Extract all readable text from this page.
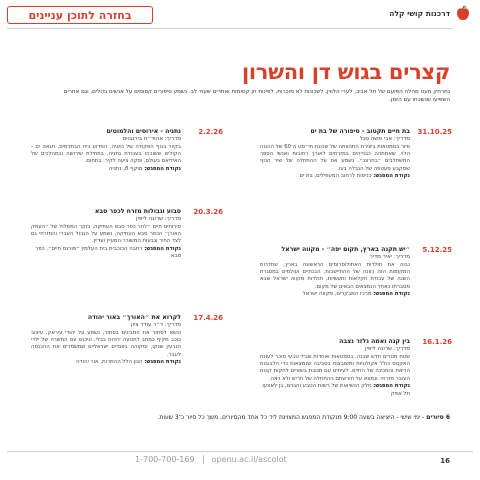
בחזרה לתוכן עניינים	דרכנות קושי קלה
קצרים בגוש דן והשרון

נתרחק מעט מהלה הפועם של תל אביב, לערי הלווין, לשכונות לא מוכרות, לפינות חן קסומות ואתרים שעוד לב. נשמע סיפורים קסומים על אנשים גדולים, וגם אחרים השפיעו שנשכחו עם הזמן.

31.10.25
בת חיים תקטוב - סיפורה של בת ים
מדריך: אבי משה סגל
סיור בסמטאות ביצירת התהוותה של שכונת תי״סט ה־60 של ההוגה הלוי, שאמתהה כבנייהים במזרחים לאורך רחובות ואנשי הספר המשתלבים ״בחרצנ״. נשמע את על ההתחלה של שיר הנוף שמקבע מעטפה של הגבלה בעו.
נקודת המפגש: כניסות לרחוב המעפילים, בת ים
5.12.25
״יש תקנה בארץ, תקום יפה״ - מקווה ישראל
מדריך: יאיר מדיר
נבוה את תולדות האתולוסרומים הראשונה בארץ, שחדרות המקומות הזה כוונה של ההתיישבות, הבנתיים ועולמים במסגרת השנה של עבודת חקלאות ותעשיות, תולדות מקווה ישראל שבא מסברתו כאחד הנמצאים הבאים של מקום.
נקודת המפגש: מרכז המבקרים, מקווה ישראל
16.1.26
בין קנה ואמה גלזר נצבה
מדריך: שרונה ליפין
שטח מטרים חדש שבנה, בסמטאות ואחדות שביל טבעי מוכר לעונת האקנוס כולל אקולוגיות ומשובצות בסביבה שנמצאות כדי הלבובות הריאת והמכינה של החיים. לעיתים עם תנובת בשאיים לחקות קבות העובר מזרחי. ונמצא על חורשתם ההתחלה של חריש ולא ראה.
נקודת המפגש: חלק הנשיאות של רשות הטבע והגנים, בן לאצעו תל אפק
2.2.26
נתניה - אירוסים והלמוטים
מדריך: אהוד״ח בירנבוים
בקיור בנוף הפקודה של נתניה, המדוע כיח הבתדמים, תגאה ים - הקולים ששוכהו בעבודת נתניה, בתחילת שירושה ובמהלכים של האידיאם בעולם, וסקה ציעה לקיר. בתחום.
נקודת המפגש: מוקף 8, נתניה
20.3.26
סבוע וגבולות מזרח לכפר סבא
מדריך: שרונה ליפין
סירותים חיים ״לחר כפר סבא העתיקה, בוקר המסלול של ״העמק האורן״ הכפר סבא העתיקה, נשמע על הגבול העברי והמזרחי גם לצד החיר וגבעות המשורר המעיין ועדיין.
נקודת המפגש: רחבה הכוכבית בית העלמין ״פורנס חיים״, כפר סבא
17.4.26
לקרוא את ״האורך״ באור יהודה
מדריך: ד״ר עודד ציון
ננשא לסתור את המבינים בסתור, נשמע על יהודי עיראק, עיצוב כוכב מקיף כמחב לתנועה יהדות בבלי, וניכנס עם המשרה של ילדי הגרעין שנקו, ומקוהה בפגדים ישראליים שמשמרים את ההכנסה לעבר.
נקודת המפגש: הגון הלל ההתרות, אור יהודה
6 סיורים - ימי שישי - היציאה בשעה 9:00 מנקודת המפגש המצוינת ליד כל אחד מהסיורים. משך כל סיור כ־3 שעות.
16
1-700-700-169 openu.ac.il/ascolot
